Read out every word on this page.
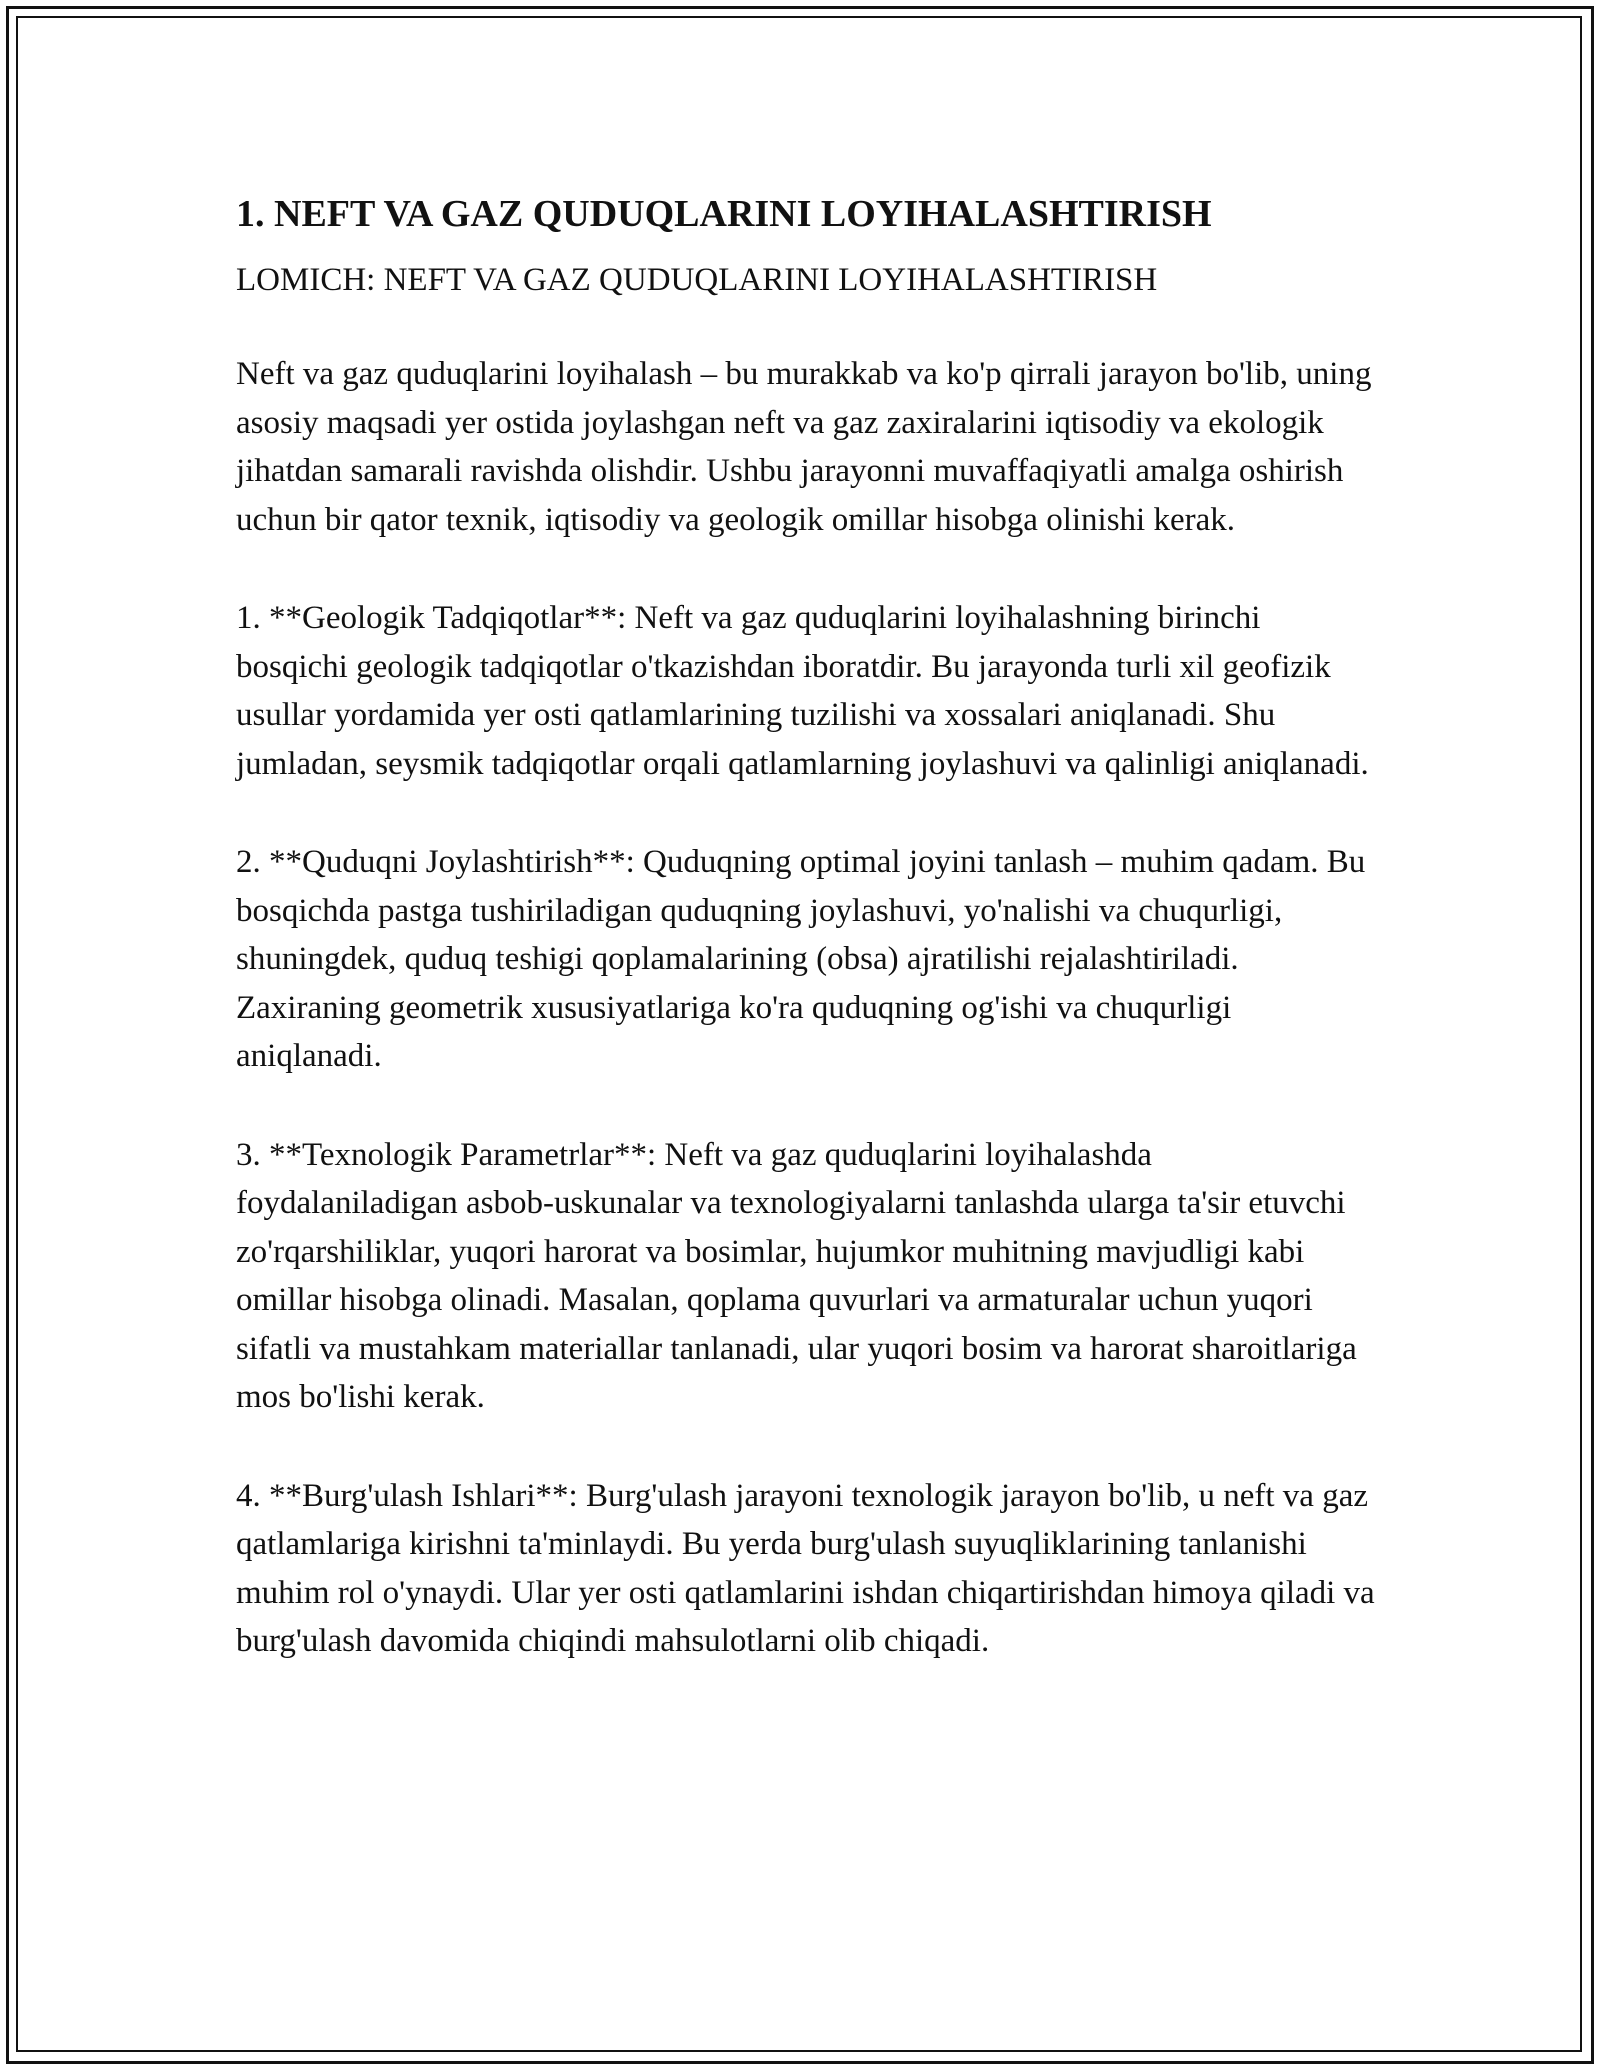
1. NEFT VA GAZ QUDUQLARINI LOYIHALASHTIRISH
LOMICH: NEFT VA GAZ QUDUQLARINI LOYIHALASHTIRISH

Neft va gaz quduqlarini loyihalash – bu murakkab va ko'p qirrali jarayon bo'lib, uning asosiy maqsadi yer ostida joylashgan neft va gaz zaxiralarini iqtisodiy va ekologik jihatdan samarali ravishda olishdir. Ushbu jarayonni muvaffaqiyatli amalga oshirish uchun bir qator texnik, iqtisodiy va geologik omillar hisobga olinishi kerak.

1. **Geologik Tadqiqotlar**: Neft va gaz quduqlarini loyihalashning birinchi bosqichi geologik tadqiqotlar o'tkazishdan iboratdir. Bu jarayonda turli xil geofizik usullar yordamida yer osti qatlamlarining tuzilishi va xossalari aniqlanadi. Shu jumladan, seysmik tadqiqotlar orqali qatlamlarning joylashuvi va qalinligi aniqlanadi.

2. **Quduqni Joylashtirish**: Quduqning optimal joyini tanlash – muhim qadam. Bu bosqichda pastga tushiriladigan quduqning joylashuvi, yo'nalishi va chuqurligi, shuningdek, quduq teshigi qoplamalarining (obsa) ajratilishi rejalashtiriladi. Zaxiraning geometrik xususiyatlariga ko'ra quduqning og'ishi va chuqurligi aniqlanadi.

3. **Texnologik Parametrlar**: Neft va gaz quduqlarini loyihalashda foydalaniladigan asbob-uskunalar va texnologiyalarni tanlashda ularga ta'sir etuvchi zo'rqarshiliklar, yuqori harorat va bosimlar, hujumkor muhitning mavjudligi kabi omillar hisobga olinadi. Masalan, qoplama quvurlari va armaturalar uchun yuqori sifatli va mustahkam materiallar tanlanadi, ular yuqori bosim va harorat sharoitlariga mos bo'lishi kerak.

4. **Burg'ulash Ishlari**: Burg'ulash jarayoni texnologik jarayon bo'lib, u neft va gaz qatlamlariga kirishni ta'minlaydi. Bu yerda burg'ulash suyuqliklarining tanlanishi muhim rol o'ynaydi. Ular yer osti qatlamlarini ishdan chiqartirishdan himoya qiladi va burg'ulash davomida chiqindi mahsulotlarni olib chiqadi.
